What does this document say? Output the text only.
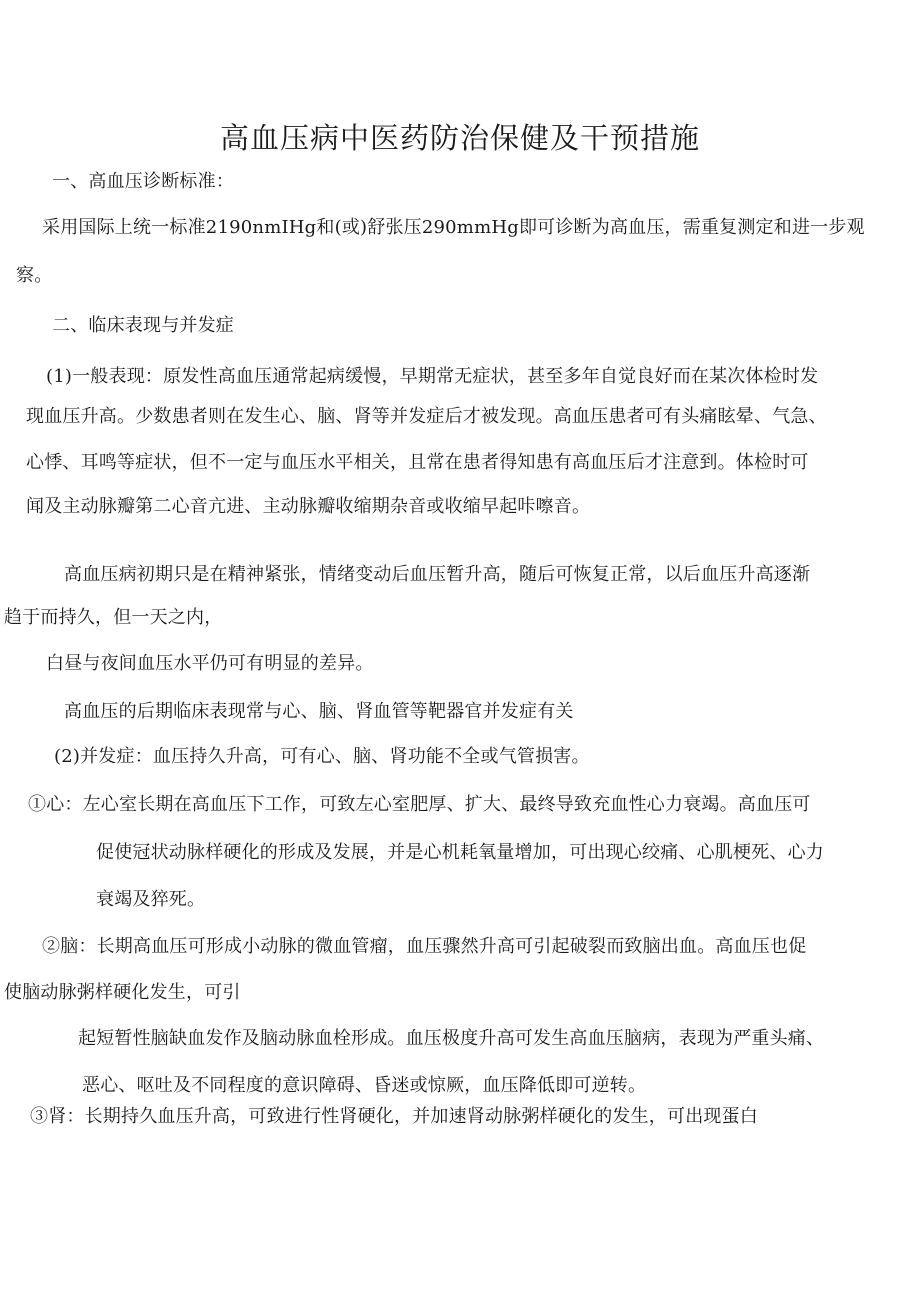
高血压病中医药防治保健及干预措施
一、高血压诊断标准：
采用国际上统一标准2190nmIHg和(或)舒张压290mmHg即可诊断为高血压，需重复测定和进一步观
察。
二、临床表现与并发症
(1)一般表现：原发性高血压通常起病缓慢，早期常无症状，甚至多年自觉良好而在某次体检时发
现血压升高。少数患者则在发生心、脑、肾等并发症后才被发现。高血压患者可有头痛眩晕、气急、
心悸、耳鸣等症状，但不一定与血压水平相关，且常在患者得知患有高血压后才注意到。体检时可
闻及主动脉瓣第二心音亢进、主动脉瓣收缩期杂音或收缩早起咔嚓音。
高血压病初期只是在精神紧张，情绪变动后血压暂升高，随后可恢复正常，以后血压升高逐渐
趋于而持久，但一天之内，
白昼与夜间血压水平仍可有明显的差异。
高血压的后期临床表现常与心、脑、肾血管等靶器官并发症有关
(2)并发症：血压持久升高，可有心、脑、肾功能不全或气管损害。
①心：左心室长期在高血压下工作，可致左心室肥厚、扩大、最终导致充血性心力衰竭。高血压可
促使冠状动脉样硬化的形成及发展，并是心机耗氧量增加，可出现心绞痛、心肌梗死、心力
衰竭及猝死。
②脑：长期高血压可形成小动脉的微血管瘤，血压骤然升高可引起破裂而致脑出血。高血压也促
使脑动脉粥样硬化发生，可引
起短暂性脑缺血发作及脑动脉血栓形成。血压极度升高可发生高血压脑病，表现为严重头痛、
恶心、呕吐及不同程度的意识障碍、昏迷或惊厥，血压降低即可逆转。
③肾：长期持久血压升高，可致进行性肾硬化，并加速肾动脉粥样硬化的发生，可出现蛋白
